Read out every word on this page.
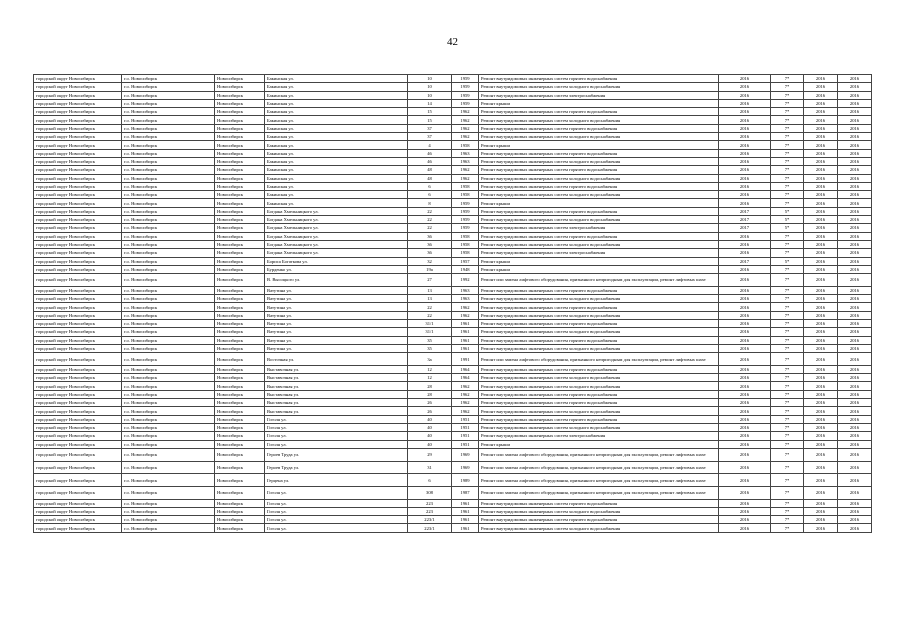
42
городской округ Новосибирск	г.о. Новосибирск	Новосибирск	Бакинская ул.	10	1959	Ремонт внутридомовых инженерных систем горячего водоснабжения	2016	7*	2016	2016
городской округ Новосибирск	г.о. Новосибирск	Новосибирск	Бакинская ул.	10	1959	Ремонт внутридомовых инженерных систем холодного водоснабжения	2016	7*	2016	2016
городской округ Новосибирск	г.о. Новосибирск	Новосибирск	Бакинская ул.	10	1959	Ремонт внутридомовых инженерных систем электроснабжения	2016	7*	2016	2016
городской округ Новосибирск	г.о. Новосибирск	Новосибирск	Бакинская ул.	14	1959	Ремонт крыши	2016	7*	2016	2016
городской округ Новосибирск	г.о. Новосибирск	Новосибирск	Бакинская ул.	15	1962	Ремонт внутридомовых инженерных систем горячего водоснабжения	2016	7*	2016	2016
городской округ Новосибирск	г.о. Новосибирск	Новосибирск	Бакинская ул.	15	1962	Ремонт внутридомовых инженерных систем холодного водоснабжения	2016	7*	2016	2016
городской округ Новосибирск	г.о. Новосибирск	Новосибирск	Бакинская ул.	37	1962	Ремонт внутридомовых инженерных систем горячего водоснабжения	2016	7*	2016	2016
городской округ Новосибирск	г.о. Новосибирск	Новосибирск	Бакинская ул.	37	1962	Ремонт внутридомовых инженерных систем холодного водоснабжения	2016	7*	2016	2016
городской округ Новосибирск	г.о. Новосибирск	Новосибирск	Бакинская ул.	4	1958	Ремонт крыши	2016	7*	2016	2016
городской округ Новосибирск	г.о. Новосибирск	Новосибирск	Бакинская ул.	46	1963	Ремонт внутридомовых инженерных систем горячего водоснабжения	2016	7*	2016	2016
городской округ Новосибирск	г.о. Новосибирск	Новосибирск	Бакинская ул.	46	1963	Ремонт внутридомовых инженерных систем холодного водоснабжения	2016	7*	2016	2016
городской округ Новосибирск	г.о. Новосибирск	Новосибирск	Бакинская ул.	48	1962	Ремонт внутридомовых инженерных систем горячего водоснабжения	2016	7*	2016	2016
городской округ Новосибирск	г.о. Новосибирск	Новосибирск	Бакинская ул.	48	1962	Ремонт внутридомовых инженерных систем холодного водоснабжения	2016	7*	2016	2016
городской округ Новосибирск	г.о. Новосибирск	Новосибирск	Бакинская ул.	6	1958	Ремонт внутридомовых инженерных систем горячего водоснабжения	2016	7*	2016	2016
городской округ Новосибирск	г.о. Новосибирск	Новосибирск	Бакинская ул.	6	1958	Ремонт внутридомовых инженерных систем холодного водоснабжения	2016	7*	2016	2016
городской округ Новосибирск	г.о. Новосибирск	Новосибирск	Бакинская ул.	8	1959	Ремонт крыши	2016	7*	2016	2016
городской округ Новосибирск	г.о. Новосибирск	Новосибирск	Богдана Хмельницкого ул.	22	1959	Ремонт внутридомовых инженерных систем горячего водоснабжения	2017	5*	2016	2016
городской округ Новосибирск	г.о. Новосибирск	Новосибирск	Богдана Хмельницкого ул.	22	1959	Ремонт внутридомовых инженерных систем холодного водоснабжения	2017	5*	2016	2016
городской округ Новосибирск	г.о. Новосибирск	Новосибирск	Богдана Хмельницкого ул.	22	1959	Ремонт внутридомовых инженерных систем электроснабжения	2017	5*	2016	2016
городской округ Новосибирск	г.о. Новосибирск	Новосибирск	Богдана Хмельницкого ул.	36	1958	Ремонт внутридомовых инженерных систем горячего водоснабжения	2016	7*	2016	2016
городской округ Новосибирск	г.о. Новосибирск	Новосибирск	Богдана Хмельницкого ул.	36	1958	Ремонт внутридомовых инженерных систем холодного водоснабжения	2016	7*	2016	2016
городской округ Новосибирск	г.о. Новосибирск	Новосибирск	Богдана Хмельницкого ул.	36	1958	Ремонт внутридомовых инженерных систем электроснабжения	2016	7*	2016	2016
городской округ Новосибирск	г.о. Новосибирск	Новосибирск	Бориса Богаткова ул.	32	1957	Ремонт крыши	2017	5*	2016	2016
городской округ Новосибирск	г.о. Новосибирск	Новосибирск	Бурденко ул.	19а	1948	Ремонт крыши	2016	7*	2016	2016
городской округ Новосибирск	г.о. Новосибирск	Новосибирск	В. Высоцкого ул.	27	1992	Ремонт или замена лифтового оборудования, признанного непригодным для эксплуатации, ремонт лифтовых шахт	2016	7*	2016	2016
городской округ Новосибирск	г.о. Новосибирск	Новосибирск	Ватутина ул.	13	1963	Ремонт внутридомовых инженерных систем горячего водоснабжения	2016	7*	2016	2016
городской округ Новосибирск	г.о. Новосибирск	Новосибирск	Ватутина ул.	13	1963	Ремонт внутридомовых инженерных систем холодного водоснабжения	2016	7*	2016	2016
городской округ Новосибирск	г.о. Новосибирск	Новосибирск	Ватутина ул.	22	1962	Ремонт внутридомовых инженерных систем горячего водоснабжения	2016	7*	2016	2016
городской округ Новосибирск	г.о. Новосибирск	Новосибирск	Ватутина ул.	22	1962	Ремонт внутридомовых инженерных систем холодного водоснабжения	2016	7*	2016	2016
городской округ Новосибирск	г.о. Новосибирск	Новосибирск	Ватутина ул.	31/1	1961	Ремонт внутридомовых инженерных систем горячего водоснабжения	2016	7*	2016	2016
городской округ Новосибирск	г.о. Новосибирск	Новосибирск	Ватутина ул.	31/1	1961	Ремонт внутридомовых инженерных систем холодного водоснабжения	2016	7*	2016	2016
городской округ Новосибирск	г.о. Новосибирск	Новосибирск	Ватутина ул.	35	1961	Ремонт внутридомовых инженерных систем горячего водоснабжения	2016	7*	2016	2016
городской округ Новосибирск	г.о. Новосибирск	Новосибирск	Ватутина ул.	35	1961	Ремонт внутридомовых инженерных систем холодного водоснабжения	2016	7*	2016	2016
городской округ Новосибирск	г.о. Новосибирск	Новосибирск	Восточная ул.	3а	1991	Ремонт или замена лифтового оборудования, признанного непригодным для эксплуатации, ремонт лифтовых шахт	2016	7*	2016	2016
городской округ Новосибирск	г.о. Новосибирск	Новосибирск	Выставочная ул.	12	1964	Ремонт внутридомовых инженерных систем горячего водоснабжения	2016	7*	2016	2016
городской округ Новосибирск	г.о. Новосибирск	Новосибирск	Выставочная ул.	12	1964	Ремонт внутридомовых инженерных систем холодного водоснабжения	2016	7*	2016	2016
городской округ Новосибирск	г.о. Новосибирск	Новосибирск	Выставочная ул.	28	1962	Ремонт внутридомовых инженерных систем холодного водоснабжения	2016	7*	2016	2016
городской округ Новосибирск	г.о. Новосибирск	Новосибирск	Выставочная ул.	28	1962	Ремонт внутридомовых инженерных систем горячего водоснабжения	2016	7*	2016	2016
городской округ Новосибирск	г.о. Новосибирск	Новосибирск	Выставочная ул.	26	1962	Ремонт внутридомовых инженерных систем горячего водоснабжения	2016	7*	2016	2016
городской округ Новосибирск	г.о. Новосибирск	Новосибирск	Выставочная ул.	26	1962	Ремонт внутридомовых инженерных систем холодного водоснабжения	2016	7*	2016	2016
городской округ Новосибирск	г.о. Новосибирск	Новосибирск	Гоголя ул.	40	1951	Ремонт внутридомовых инженерных систем горячего водоснабжения	2016	7*	2016	2016
городской округ Новосибирск	г.о. Новосибирск	Новосибирск	Гоголя ул.	40	1951	Ремонт внутридомовых инженерных систем холодного водоснабжения	2016	7*	2016	2016
городской округ Новосибирск	г.о. Новосибирск	Новосибирск	Гоголя ул.	40	1951	Ремонт внутридомовых инженерных систем электроснабжения	2016	7*	2016	2016
городской округ Новосибирск	г.о. Новосибирск	Новосибирск	Гоголя ул.	40	1951	Ремонт крыши	2016	7*	2016	2016
городской округ Новосибирск	г.о. Новосибирск	Новосибирск	Героев Труда ул.	29	1969	Ремонт или замена лифтового оборудования, признанного непригодным для эксплуатации, ремонт лифтовых шахт	2016	7*	2016	2016
городской округ Новосибирск	г.о. Новосибирск	Новосибирск	Героев Труда ул.	31	1969	Ремонт или замена лифтового оборудования, признанного непригодным для эксплуатации, ремонт лифтовых шахт	2016	7*	2016	2016
городской округ Новосибирск	г.о. Новосибирск	Новосибирск	Герцена ул.	6	1989	Ремонт или замена лифтового оборудования, признанного непригодным для эксплуатации, ремонт лифтовых шахт	2016	7*	2016	2016
городской округ Новосибирск	г.о. Новосибирск	Новосибирск	Гоголя ул.	308	1987	Ремонт или замена лифтового оборудования, признанного непригодным для эксплуатации, ремонт лифтовых шахт	2016	7*	2016	2016
городской округ Новосибирск	г.о. Новосибирск	Новосибирск	Гоголя ул.	223	1961	Ремонт внутридомовых инженерных систем горячего водоснабжения	2016	7*	2016	2016
городской округ Новосибирск	г.о. Новосибирск	Новосибирск	Гоголя ул.	223	1961	Ремонт внутридомовых инженерных систем холодного водоснабжения	2016	7*	2016	2016
городской округ Новосибирск	г.о. Новосибирск	Новосибирск	Гоголя ул.	223/1	1961	Ремонт внутридомовых инженерных систем горячего водоснабжения	2016	7*	2016	2016
городской округ Новосибирск	г.о. Новосибирск	Новосибирск	Гоголя ул.	223/1	1961	Ремонт внутридомовых инженерных систем холодного водоснабжения	2016	7*	2016	2016
